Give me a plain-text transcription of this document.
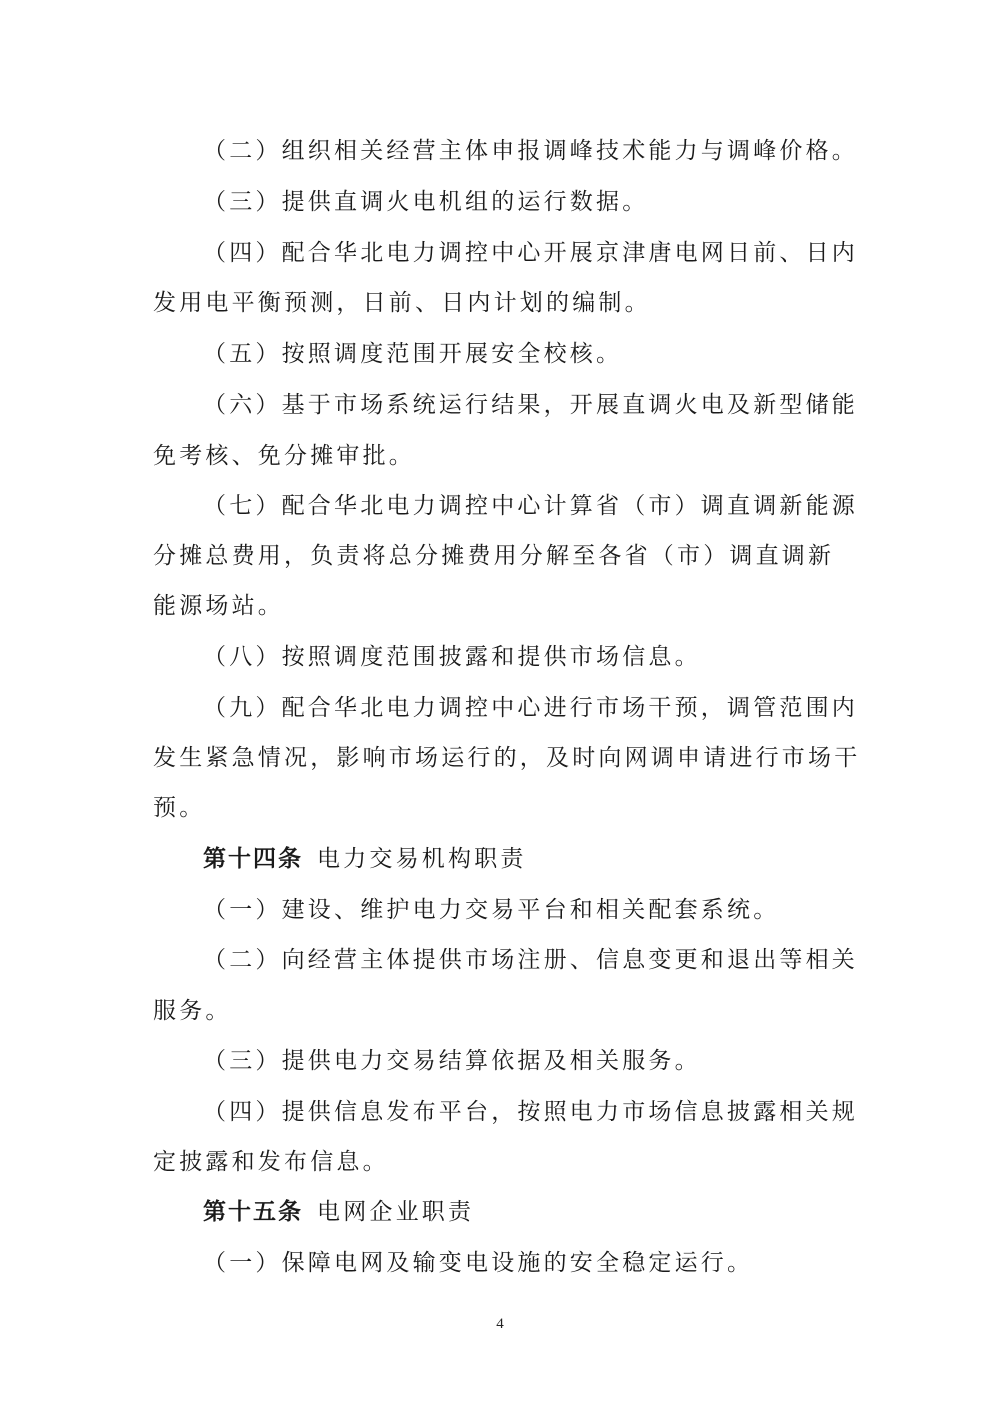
（二）组织相关经营主体申报调峰技术能力与调峰价格。
（三）提供直调火电机组的运行数据。
（四）配合华北电力调控中心开展京津唐电网日前、日内
发用电平衡预测，日前、日内计划的编制。
（五）按照调度范围开展安全校核。
（六）基于市场系统运行结果，开展直调火电及新型储能
免考核、免分摊审批。
（七）配合华北电力调控中心计算省（市）调直调新能源
分摊总费用，负责将总分摊费用分解至各省（市）调直调新
能源场站。
（八）按照调度范围披露和提供市场信息。
（九）配合华北电力调控中心进行市场干预，调管范围内
发生紧急情况，影响市场运行的，及时向网调申请进行市场干
预。
第十四条 电力交易机构职责
（一）建设、维护电力交易平台和相关配套系统。
（二）向经营主体提供市场注册、信息变更和退出等相关
服务。
（三）提供电力交易结算依据及相关服务。
（四）提供信息发布平台，按照电力市场信息披露相关规
定披露和发布信息。
第十五条 电网企业职责
（一）保障电网及输变电设施的安全稳定运行。
4
